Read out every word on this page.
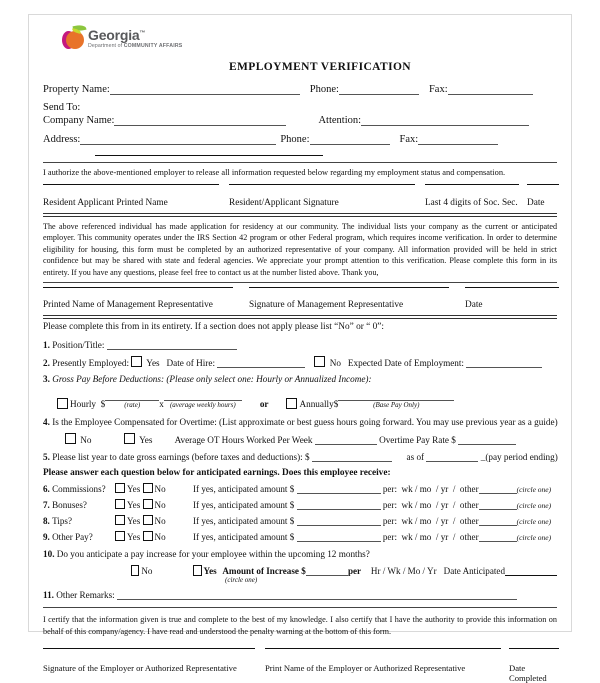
Georgia™
Department of COMMUNITY AFFAIRS
EMPLOYMENT VERIFICATION
Property Name:	Phone:	Fax:
Send To:
Company Name:	Attention:
Address:	Phone:	Fax:
I authorize the above-mentioned employer to release all information requested below regarding my employment status and compensation.
Resident Applicant Printed Name	Resident/Applicant Signature	Last 4 digits of Soc. Sec. Date
The above referenced individual has made application for residency at our community. The individual lists your company as the current or anticipated employer. This community operates under the IRS Section 42 program or other Federal program, which requires income verification. In order to determine eligibility for housing, this form must be completed by an authorized representative of your company. All information provided will be held in strict confidence but may be shared with state and federal agencies. We appreciate your prompt attention to this verification. Please complete this form in its entirety. If you have any questions, please feel free to contact us at the number listed above. Thank you,
Printed Name of Management Representative	Signature of Management Representative	Date
Please complete this from in its entirety. If a section does not apply please list “No” or “ 0”:
1. Position/Title:
2. Presently Employed: Yes Date of Hire:	No Expected Date of Employment:
3. Gross Pay Before Deductions: (Please only select one: Hourly or Annualized Income):
Hourly
$	(rate)	x (average weekly hours)	or	Annually $	(Base Pay Only)
4. Is the Employee Compensated for Overtime: (List approximate or best guess hours going forward. You may use previous year as a guide)
No	Yes Average OT Hours Worked Per Week	Overtime Pay Rate $
5. Please list year to date gross earnings (before taxes and deductions): $	as of	_(pay period ending)
Please answer each question below for anticipated earnings. Does this employee receive:
6. Commissions?	Yes No	If yes, anticipated amount $	per: wk / mo / yr / other	(circle one)
7. Bonuses?	Yes No	If yes, anticipated amount $	per: wk / mo / yr / other	(circle one)
8. Tips?	Yes No	If yes, anticipated amount $	per: wk / mo / yr / other	(circle one)
9. Other Pay?	Yes No	If yes, anticipated amount $	per: wk / mo / yr / other	(circle one)
10. Do you anticipate a pay increase for your employee within the upcoming 12 months?
No	Yes Amount of Increase $	per Hr / Wk / Mo / Yr Date Anticipated
(circle one)
11. Other Remarks:
I certify that the information given is true and complete to the best of my knowledge. I also certify that I have the authority to provide this information on behalf of this company/agency. I have read and understood the penalty warning at the bottom of this form.
Signature of the Employer or Authorized Representative	Print Name of the Employer or Authorized Representative	Date Completed
